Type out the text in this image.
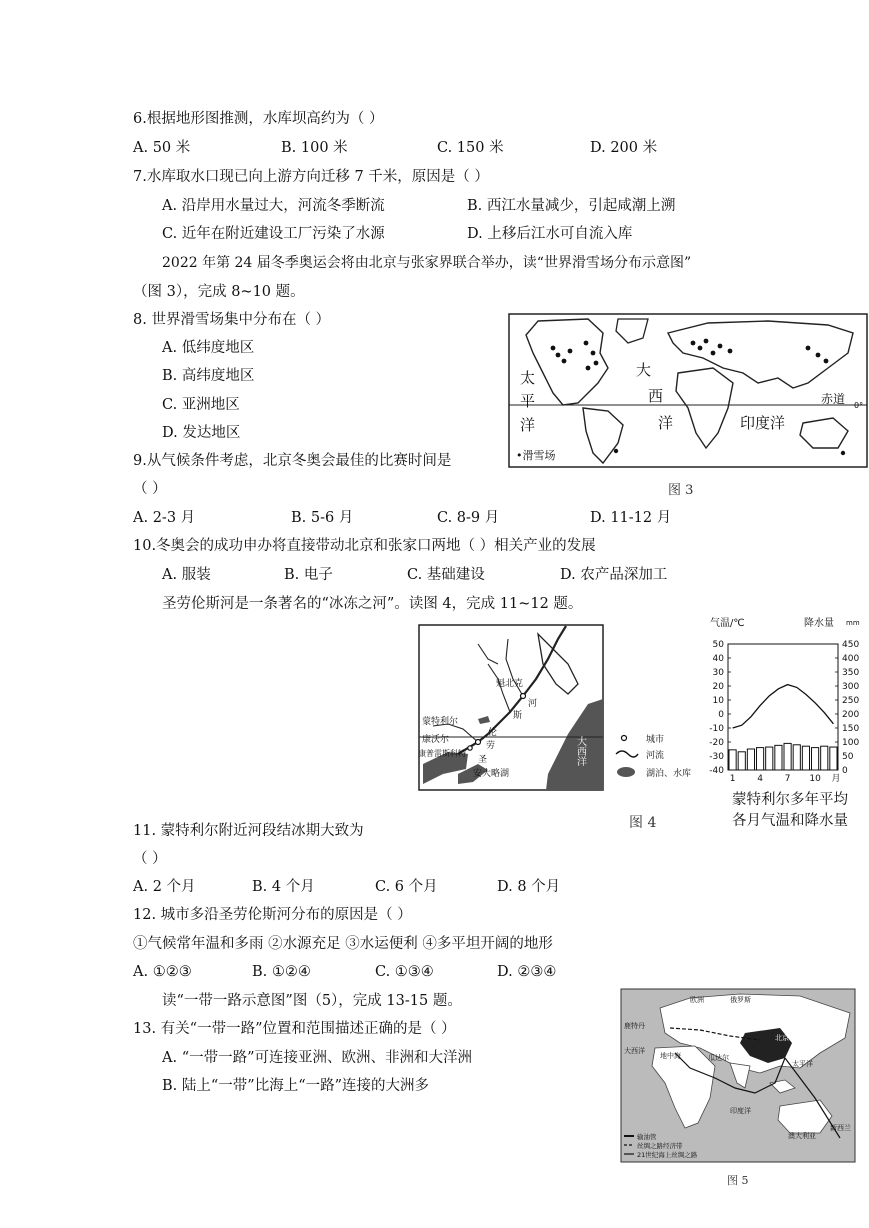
6.根据地形图推测，水库坝高约为（ ）
A. 50 米	B. 100 米	C. 150 米	D. 200 米
7.水库取水口现已向上游方向迁移 7 千米，原因是（ ）
A. 沿岸用水量过大，河流冬季断流	B. 西江水量减少，引起咸潮上溯
C. 近年在附近建设工厂污染了水源	D. 上移后江水可自流入库
2022 年第 24 届冬季奥运会将由北京与张家界联合举办，读“世界滑雪场分布示意图”
（图 3），完成 8~10 题。
8. 世界滑雪场集中分布在（ ）
A. 低纬度地区
B. 高纬度地区
C. 亚洲地区
D. 发达地区
太
平
洋
大
西
洋	印度洋
赤道 0°
•滑雪场
图 3
9.从气候条件考虑，北京冬奥会最佳的比赛时间是
（ ）
A. 2-3 月	B. 5-6 月	C. 8-9 月	D. 11-12 月
10.冬奥会的成功申办将直接带动北京和张家口两地（ ）相关产业的发展
A. 服装	B. 电子	C. 基础建设	D. 农产品深加工
圣劳伦斯河是一条著名的“冰冻之河”。读图 4，完成 11~12 题。
魁北克
河
斯
蒙特利尔
伦
康沃尔
劳
康普雷斯科特
圣
安大略湖
大西洋	城市
河流
湖泊、水库
图 4
气温/℃	降水量 mm
50
40
30
20
10
0
-10
-20
-30
-40
450
400
350
300
250
200
150
100
50
0
1 4 7 10 月
蒙特利尔多年平均
各月气温和降水量
11. 蒙特利尔附近河段结冰期大致为
（ ）
A. 2 个月	B. 4 个月	C. 6 个月	D. 8 个月
12. 城市多沿圣劳伦斯河分布的原因是（ ）
①气候常年温和多雨 ②水源充足 ③水运便利 ④多平坦开阔的地形
A. ①②③	B. ①②④	C. ①③④	D. ②③④
读“一带一路示意图”图（5），完成 13-15 题。
13. 有关“一带一路”位置和范围描述正确的是（ ）
A. “一带一路”可连接亚洲、欧洲、非洲和大洋洲
B. 陆上“一带”比海上“一路”连接的大洲多
欧洲	俄罗斯
鹿特丹
大西洋
地中海	瓜达尔
太平洋
印度洋
北京
澳大利亚
新西兰
输油管
丝绸之路经济带
21世纪海上丝绸之路
图 5
